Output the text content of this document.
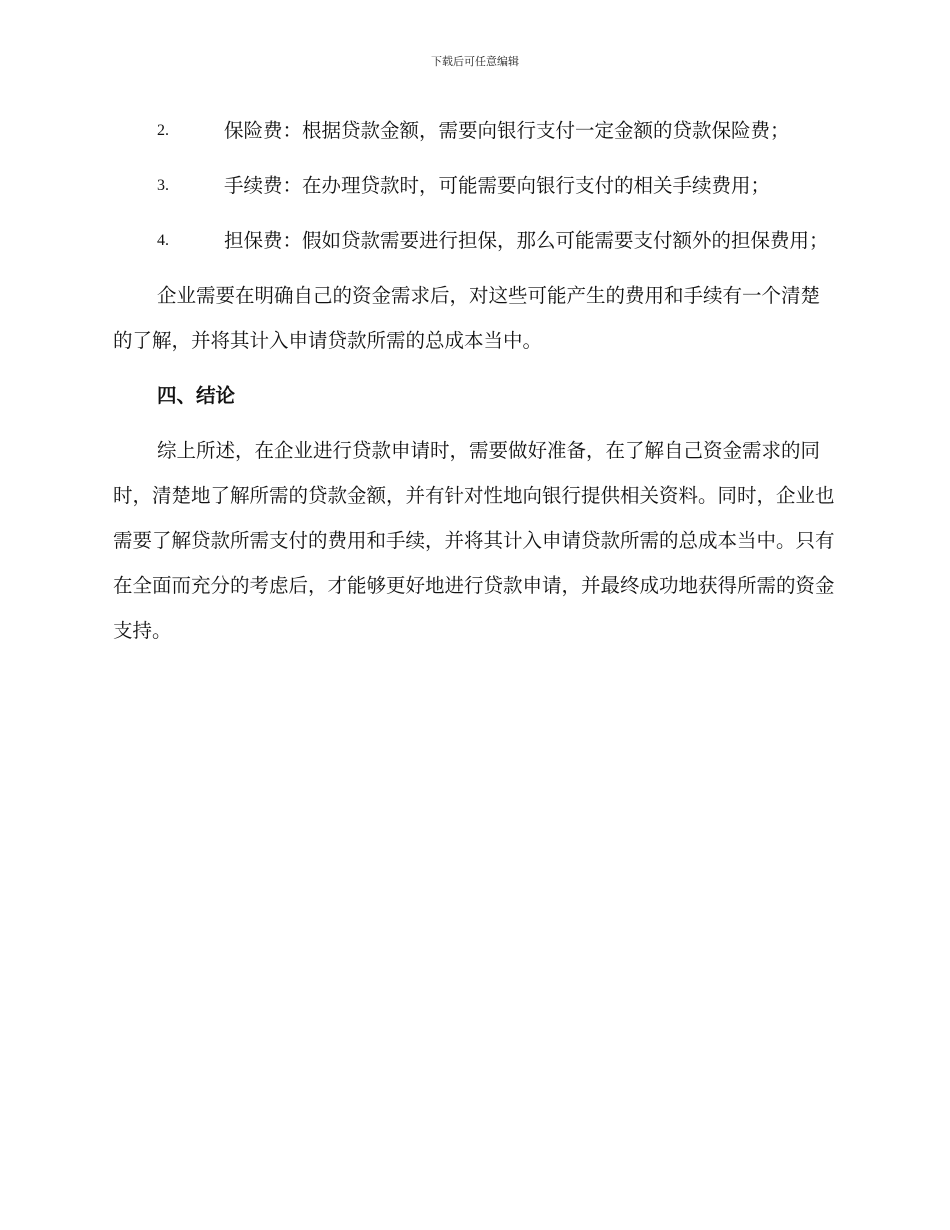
下载后可任意编辑

2.	保险费：根据贷款金额，需要向银行支付一定金额的贷款保险费；

3.	手续费：在办理贷款时，可能需要向银行支付的相关手续费用；

4.	担保费：假如贷款需要进行担保，那么可能需要支付额外的担保费用；

企业需要在明确自己的资金需求后，对这些可能产生的费用和手续有一个清楚的了解，并将其计入申请贷款所需的总成本当中。

四、结论

综上所述，在企业进行贷款申请时，需要做好准备，在了解自己资金需求的同时，清楚地了解所需的贷款金额，并有针对性地向银行提供相关资料。同时，企业也需要了解贷款所需支付的费用和手续，并将其计入申请贷款所需的总成本当中。只有在全面而充分的考虑后，才能够更好地进行贷款申请，并最终成功地获得所需的资金支持。
